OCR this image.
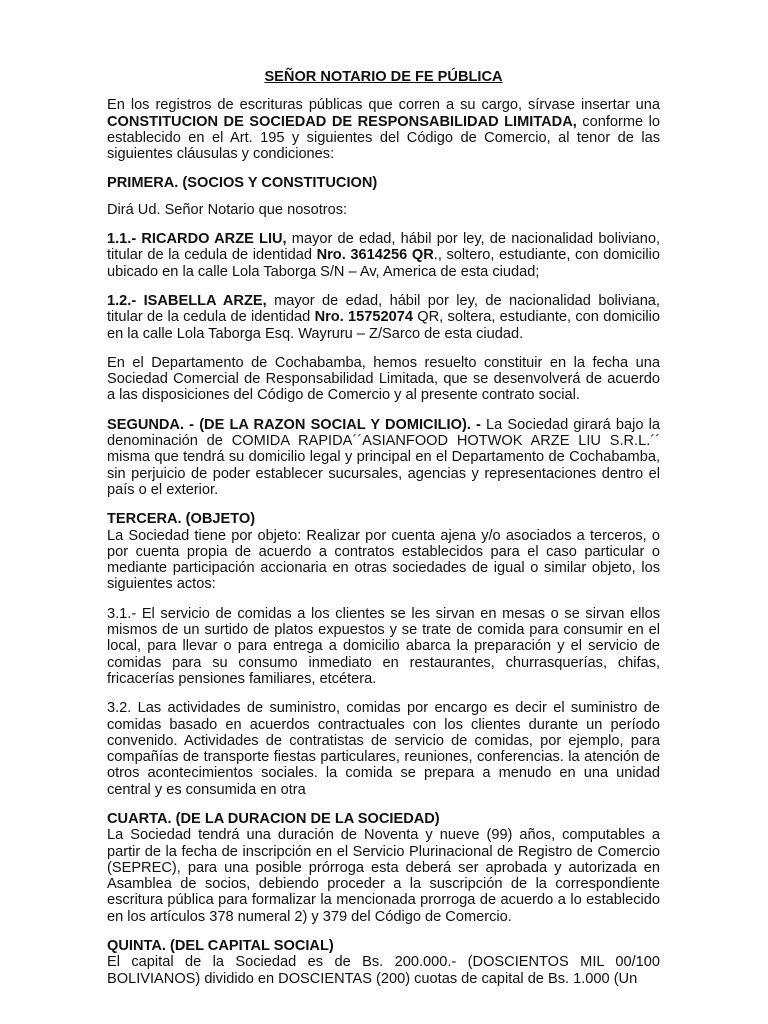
SEÑOR NOTARIO DE FE PÚBLICA

En los registros de escrituras públicas que corren a su cargo, sírvase insertar una CONSTITUCION DE SOCIEDAD DE RESPONSABILIDAD LIMITADA, conforme lo establecido en el Art. 195 y siguientes del Código de Comercio, al tenor de las siguientes cláusulas y condiciones:

PRIMERA. (SOCIOS Y CONSTITUCION)

Dirá Ud. Señor Notario que nosotros:

1.1.- RICARDO ARZE LIU, mayor de edad, hábil por ley, de nacionalidad boliviano, titular de la cedula de identidad Nro. 3614256 QR., soltero, estudiante, con domicilio ubicado en la calle Lola Taborga S/N – Av, America de esta ciudad;

1.2.- ISABELLA ARZE, mayor de edad, hábil por ley, de nacionalidad boliviana, titular de la cedula de identidad Nro. 15752074 QR, soltera, estudiante, con domicilio en la calle Lola Taborga Esq. Wayruru – Z/Sarco de esta ciudad.

En el Departamento de Cochabamba, hemos resuelto constituir en la fecha una Sociedad Comercial de Responsabilidad Limitada, que se desenvolverá de acuerdo a las disposiciones del Código de Comercio y al presente contrato social.

SEGUNDA. - (DE LA RAZON SOCIAL Y DOMICILIO). - La Sociedad girará bajo la denominación de COMIDA RAPIDA´´ASIANFOOD HOTWOK ARZE LIU S.R.L.´´ misma que tendrá su domicilio legal y principal en el Departamento de Cochabamba, sin perjuicio de poder establecer sucursales, agencias y representaciones dentro el país o el exterior.

TERCERA. (OBJETO)

La Sociedad tiene por objeto: Realizar por cuenta ajena y/o asociados a terceros, o por cuenta propia de acuerdo a contratos establecidos para el caso particular o mediante participación accionaria en otras sociedades de igual o similar objeto, los siguientes actos:

3.1.- El servicio de comidas a los clientes se les sirvan en mesas o se sirvan ellos mismos de un surtido de platos expuestos y se trate de comida para consumir en el local, para llevar o para entrega a domicilio abarca la preparación y el servicio de comidas para su consumo inmediato en restaurantes, churrasquerías, chifas, fricacerías pensiones familiares, etcétera.

3.2. Las actividades de suministro, comidas por encargo es decir el suministro de comidas basado en acuerdos contractuales con los clientes durante un período convenido. Actividades de contratistas de servicio de comidas, por ejemplo, para compañías de transporte fiestas particulares, reuniones, conferencias. la atención de otros acontecimientos sociales. la comida se prepara a menudo en una unidad central y es consumida en otra

CUARTA. (DE LA DURACION DE LA SOCIEDAD)

La Sociedad tendrá una duración de Noventa y nueve (99) años, computables a partir de la fecha de inscripción en el Servicio Plurinacional de Registro de Comercio (SEPREC), para una posible prórroga esta deberá ser aprobada y autorizada en Asamblea de socios, debiendo proceder a la suscripción de la correspondiente escritura pública para formalizar la mencionada prorroga de acuerdo a lo establecido en los artículos 378 numeral 2) y 379 del Código de Comercio.

QUINTA. (DEL CAPITAL SOCIAL)

El capital de la Sociedad es de Bs. 200.000.- (DOSCIENTOS MIL 00/100 BOLIVIANOS) dividido en DOSCIENTAS (200) cuotas de capital de Bs. 1.000 (Un
